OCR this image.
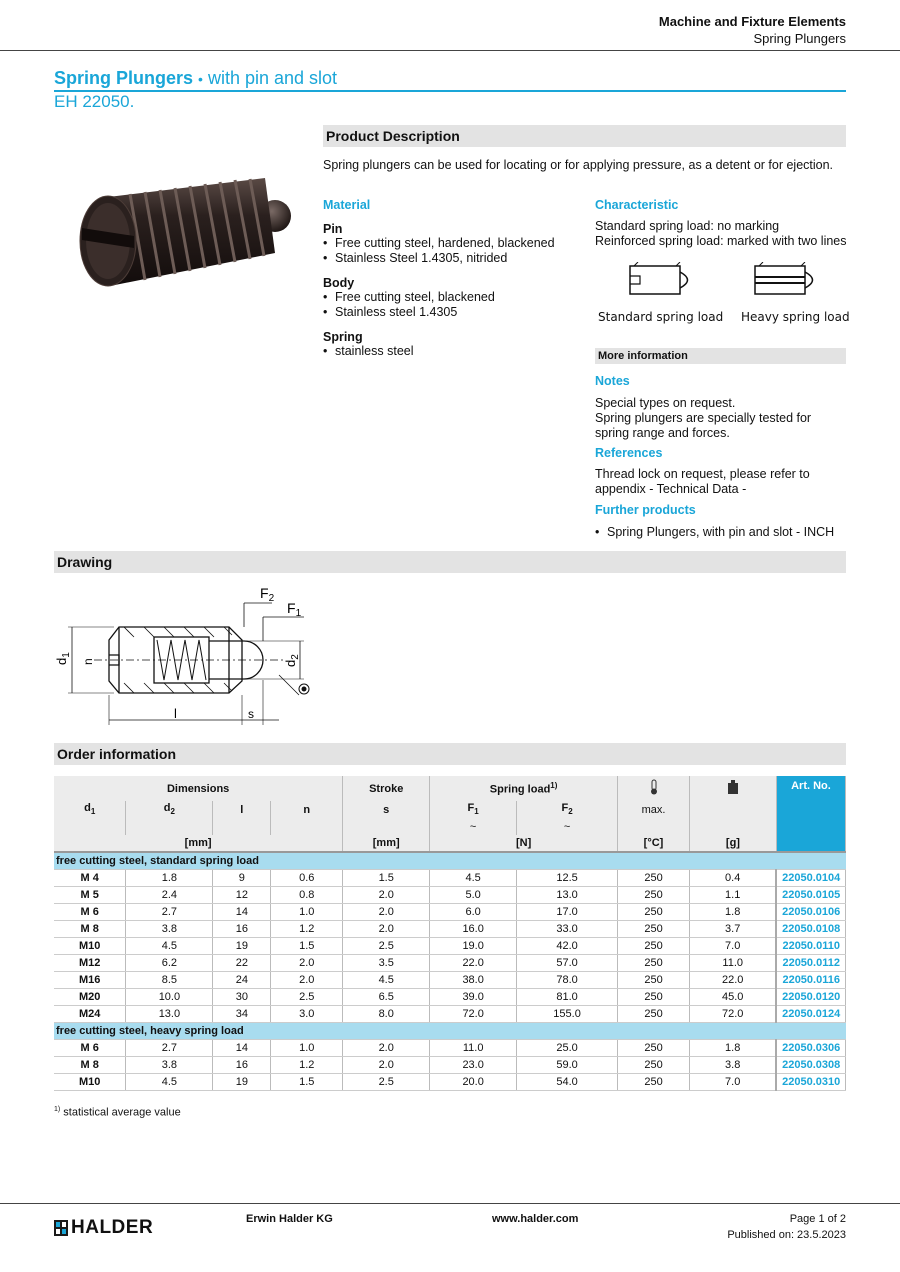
Machine and Fixture Elements
Spring Plungers
Spring Plungers • with pin and slot
EH 22050.
Product Description
Spring plungers can be used for locating or for applying pressure, as a detent or for ejection.
Material
Pin
• Free cutting steel, hardened, blackened
• Stainless Steel 1.4305, nitrided
Body
• Free cutting steel, blackened
• Stainless steel 1.4305
Spring
• stainless steel
Characteristic
Standard spring load: no marking
Reinforced spring load: marked with two lines
Standard spring load Heavy spring load
More information
Notes
Special types on request.
Spring plungers are specially tested for spring range and forces.
References
Thread lock on request, please refer to appendix - Technical Data -
Further products
• Spring Plungers, with pin and slot - INCH
Drawing
$F_2$
$F_1$
$d_1$
$d_2$
n
l	s
Order information
Dimensions				Stroke	Spring load$^{1)}$				Art. No.
$d_1$	$d_2$	l	n	s	$F_1$	$F_2$	max.		
					~	~			
[mm]				[mm]	[N]		[°C]	[g]	
free cutting steel, standard spring load									
M 4	1.8	9	0.6	1.5	4.5	12.5	250	0.4	22050.0104
M 5	2.4	12	0.8	2.0	5.0	13.0	250	1.1	22050.0105
M 6	2.7	14	1.0	2.0	6.0	17.0	250	1.8	22050.0106
M 8	3.8	16	1.2	2.0	16.0	33.0	250	3.7	22050.0108
M10	4.5	19	1.5	2.5	19.0	42.0	250	7.0	22050.0110
M12	6.2	22	2.0	3.5	22.0	57.0	250	11.0	22050.0112
M16	8.5	24	2.0	4.5	38.0	78.0	250	22.0	22050.0116
M20	10.0	30	2.5	6.5	39.0	81.0	250	45.0	22050.0120
M24	13.0	34	3.0	8.0	72.0	155.0	250	72.0	22050.0124
free cutting steel, heavy spring load									
M 6	2.7	14	1.0	2.0	11.0	25.0	250	1.8	22050.0306
M 8	3.8	16	1.2	2.0	23.0	59.0	250	3.8	22050.0308
M10	4.5	19	1.5	2.5	20.0	54.0	250	7.0	22050.0310
$^{1)}$ statistical average value
HALDER	Erwin Halder KG	www.halder.com	Page 1 of 2
Published on: 23.5.2023
